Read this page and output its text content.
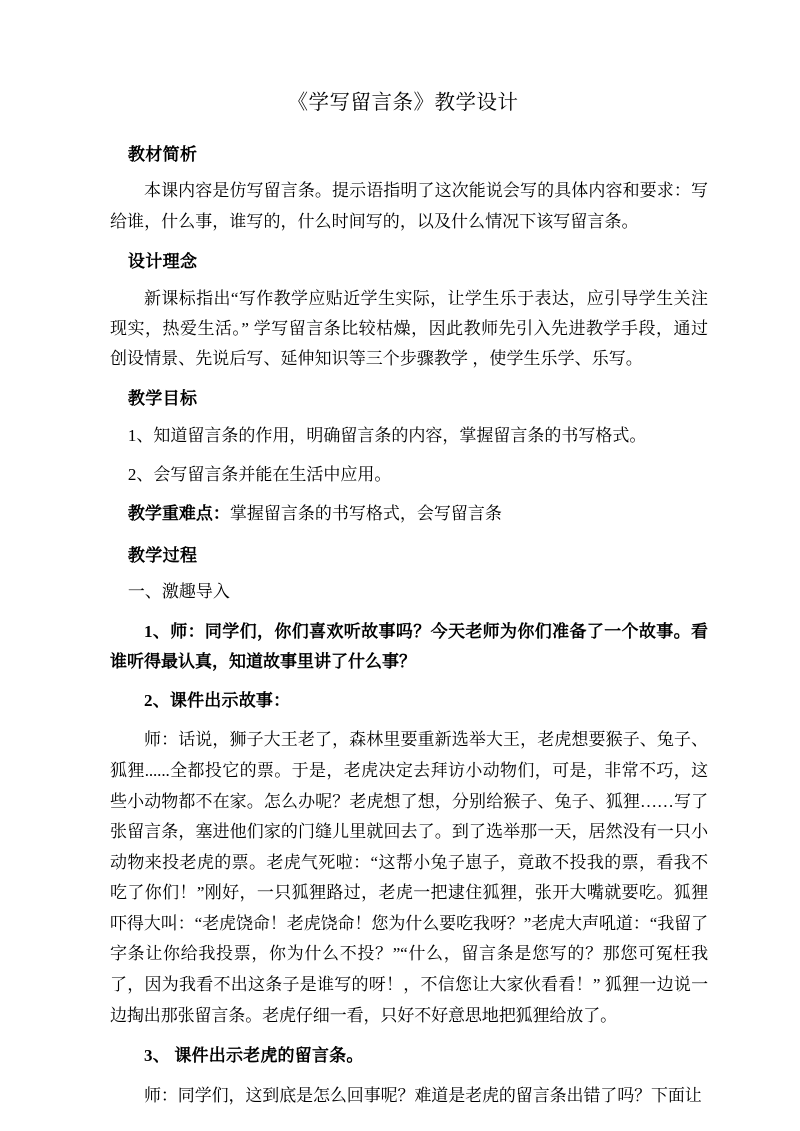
《学写留言条》教学设计
教材简析

本课内容是仿写留言条。提示语指明了这次能说会写的具体内容和要求：写给谁，什么事，谁写的，什么时间写的，以及什么情况下该写留言条。

设计理念

新课标指出“写作教学应贴近学生实际，让学生乐于表达，应引导学生关注现实，热爱生活。” 学写留言条比较枯燥，因此教师先引入先进教学手段，通过创设情景、先说后写、延伸知识等三个步骤教学 ，使学生乐学、乐写。

教学目标

1、知道留言条的作用，明确留言条的内容，掌握留言条的书写格式。

2、会写留言条并能在生活中应用。

教学重难点：掌握留言条的书写格式，会写留言条

教学过程

一、激趣导入

1、师：同学们，你们喜欢听故事吗？今天老师为你们准备了一个故事。看谁听得最认真，知道故事里讲了什么事？

2、课件出示故事：

师：话说，狮子大王老了，森林里要重新选举大王，老虎想要猴子、兔子、狐狸......全都投它的票。于是，老虎决定去拜访小动物们，可是，非常不巧，这些小动物都不在家。怎么办呢？老虎想了想，分别给猴子、兔子、狐狸……写了张留言条，塞进他们家的门缝儿里就回去了。到了选举那一天，居然没有一只小动物来投老虎的票。老虎气死啦：“这帮小兔子崽子，竟敢不投我的票，看我不吃了你们！”刚好，一只狐狸路过，老虎一把逮住狐狸，张开大嘴就要吃。狐狸吓得大叫：“老虎饶命！老虎饶命！您为什么要吃我呀？”老虎大声吼道：“我留了字条让你给我投票，你为什么不投？”“什么，留言条是您写的？那您可冤枉我了，因为我看不出这条子是谁写的呀！，不信您让大家伙看看！” 狐狸一边说一边掏出那张留言条。老虎仔细一看，只好不好意思地把狐狸给放了。

3、 课件出示老虎的留言条。

师：同学们，这到底是怎么回事呢？难道是老虎的留言条出错了吗？下面让
